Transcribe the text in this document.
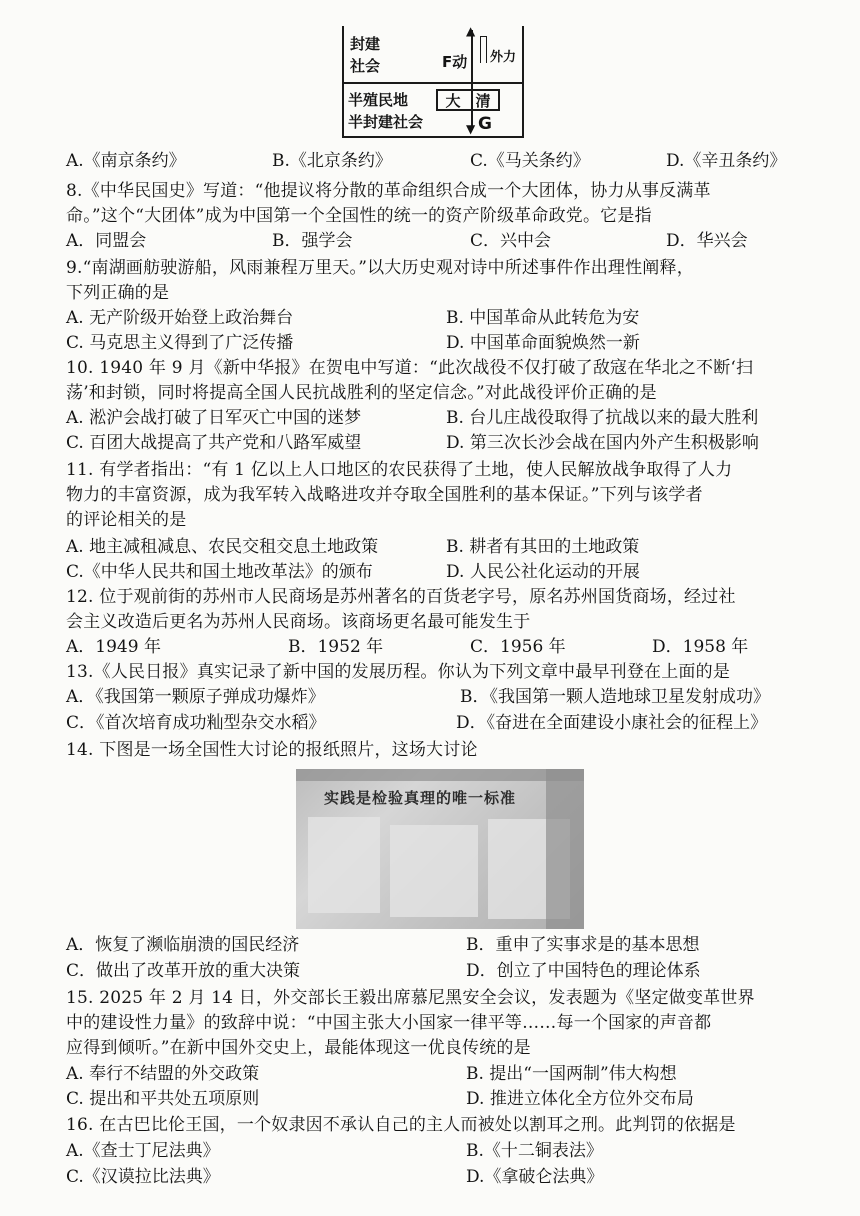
封建
社会
半殖民地
半封建社会
▲
▼
F动 外力
大 清
G
A.《南京条约》	B.《北京条约》	C.《马关条约》	D.《辛丑条约》
8.《中华民国史》写道：“他提议将分散的革命组织合成一个大团体，协力从事反满革
命。”这个“大团体”成为中国第一个全国性的统一的资产阶级革命政党。它是指
A．同盟会	B．强学会	C．兴中会	D．华兴会
9.“南湖画舫驶游船，风雨兼程万里天。”以大历史观对诗中所述事件作出理性阐释，
下列正确的是
A. 无产阶级开始登上政治舞台	B. 中国革命从此转危为安
C. 马克思主义得到了广泛传播	D. 中国革命面貌焕然一新
10. 1940 年 9 月《新中华报》在贺电中写道：“此次战役不仅打破了敌寇在华北之不断‘扫
荡’和封锁，同时将提高全国人民抗战胜利的坚定信念。”对此战役评价正确的是
A. 淞沪会战打破了日军灭亡中国的迷梦	B. 台儿庄战役取得了抗战以来的最大胜利
C. 百团大战提高了共产党和八路军威望	D. 第三次长沙会战在国内外产生积极影响
11. 有学者指出：“有 1 亿以上人口地区的农民获得了土地，使人民解放战争取得了人力
物力的丰富资源，成为我军转入战略进攻并夺取全国胜利的基本保证。”下列与该学者
的评论相关的是
A. 地主减租减息、农民交租交息土地政策	B. 耕者有其田的土地政策
C.《中华人民共和国土地改革法》的颁布	D. 人民公社化运动的开展
12. 位于观前街的苏州市人民商场是苏州著名的百货老字号，原名苏州国货商场，经过社
会主义改造后更名为苏州人民商场。该商场更名最可能发生于
A．1949 年	B．1952 年	C．1956 年	D．1958 年
13.《人民日报》真实记录了新中国的发展历程。你认为下列文章中最早刊登在上面的是
A．《我国第一颗原子弹成功爆炸》	B．《我国第一颗人造地球卫星发射成功》
C．《首次培育成功籼型杂交水稻》	D．《奋进在全面建设小康社会的征程上》
14. 下图是一场全国性大讨论的报纸照片，这场大讨论
实践是检验真理的唯一标准
A．恢复了濒临崩溃的国民经济	B．重申了实事求是的基本思想
C．做出了改革开放的重大决策	D．创立了中国特色的理论体系
15. 2025 年 2 月 14 日，外交部长王毅出席慕尼黑安全会议，发表题为《坚定做变革世界
中的建设性力量》的致辞中说：“中国主张大小国家一律平等……每一个国家的声音都
应得到倾听。”在新中国外交史上，最能体现这一优良传统的是
A. 奉行不结盟的外交政策	B. 提出“一国两制”伟大构想
C. 提出和平共处五项原则	D. 推进立体化全方位外交布局
16. 在古巴比伦王国，一个奴隶因不承认自己的主人而被处以割耳之刑。此判罚的依据是
A.《查士丁尼法典》	B.《十二铜表法》
C.《汉谟拉比法典》	D.《拿破仑法典》
